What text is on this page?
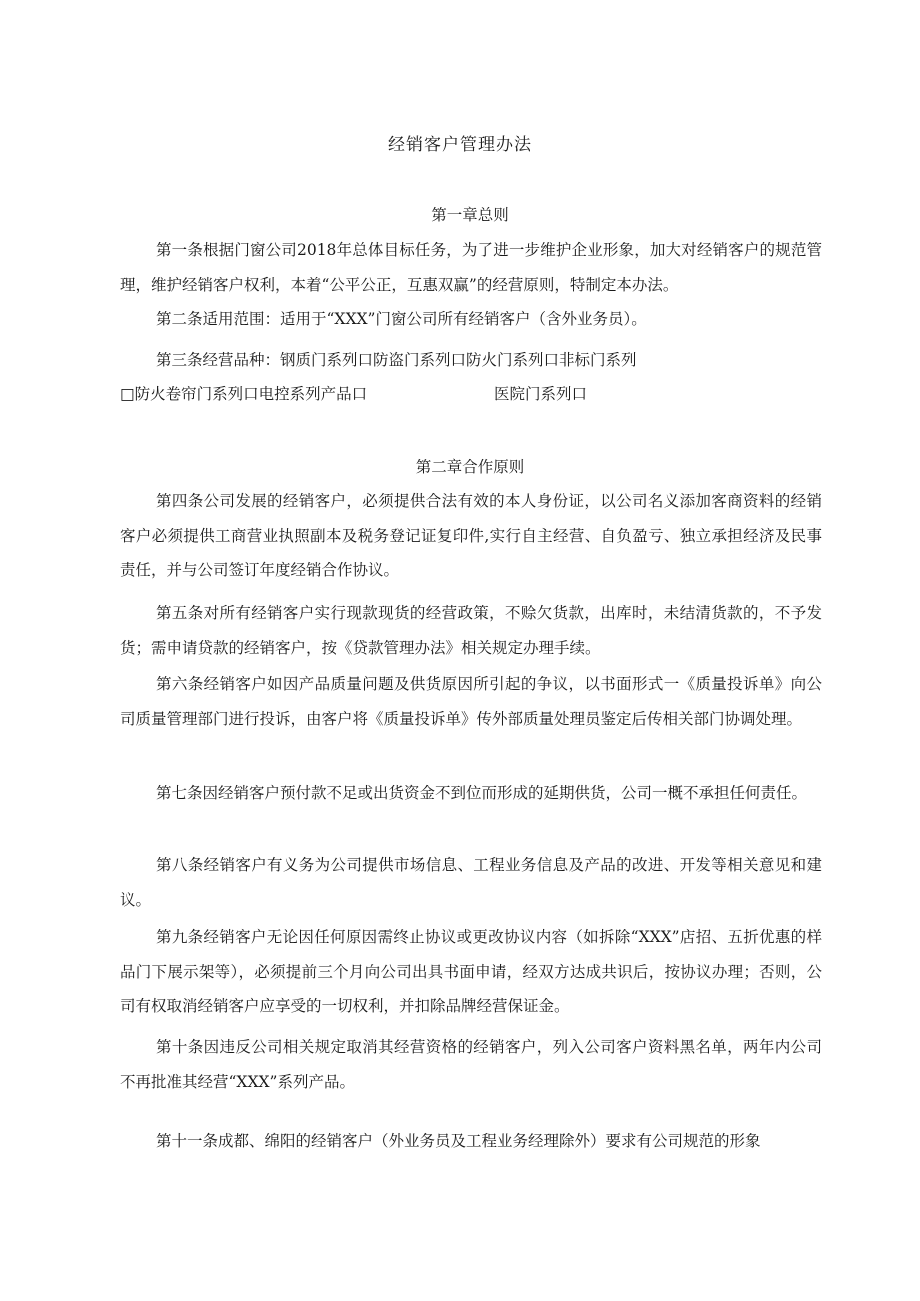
经销客户管理办法
第一章总则
第一条根据门窗公司2018年总体目标任务，为了进一步维护企业形象，加大对经销客户的规范管理，维护经销客户权利，本着“公平公正，互惠双赢”的经营原则，特制定本办法。
第二条适用范围：适用于“XXX”门窗公司所有经销客户（含外业务员）。
第三条经营品种：钢质门系列口防盗门系列口防火门系列口非标门系列
□防火卷帘门系列口电控系列产品口	医院门系列口
第二章合作原则
第四条公司发展的经销客户，必须提供合法有效的本人身份证，以公司名义添加客商资料的经销客户必须提供工商营业执照副本及税务登记证复印件,实行自主经营、自负盈亏、独立承担经济及民事责任，并与公司签订年度经销合作协议。
第五条对所有经销客户实行现款现货的经营政策，不赊欠货款，出库时，未结清货款的，不予发货；需申请贷款的经销客户，按《贷款管理办法》相关规定办理手续。
第六条经销客户如因产品质量问题及供货原因所引起的争议，以书面形式一《质量投诉单》向公司质量管理部门进行投诉，由客户将《质量投诉单》传外部质量处理员鉴定后传相关部门协调处理。
第七条因经销客户预付款不足或出货资金不到位而形成的延期供货，公司一概不承担任何责任。
第八条经销客户有义务为公司提供市场信息、工程业务信息及产品的改进、开发等相关意见和建议。
第九条经销客户无论因任何原因需终止协议或更改协议内容（如拆除“XXX”店招、五折优惠的样品门下展示架等），必须提前三个月向公司出具书面申请，经双方达成共识后，按协议办理；否则，公司有权取消经销客户应享受的一切权利，并扣除品牌经营保证金。
第十条因违反公司相关规定取消其经营资格的经销客户，列入公司客户资料黑名单，两年内公司不再批准其经营“XXX”系列产品。
第十一条成都、绵阳的经销客户（外业务员及工程业务经理除外）要求有公司规范的形象
